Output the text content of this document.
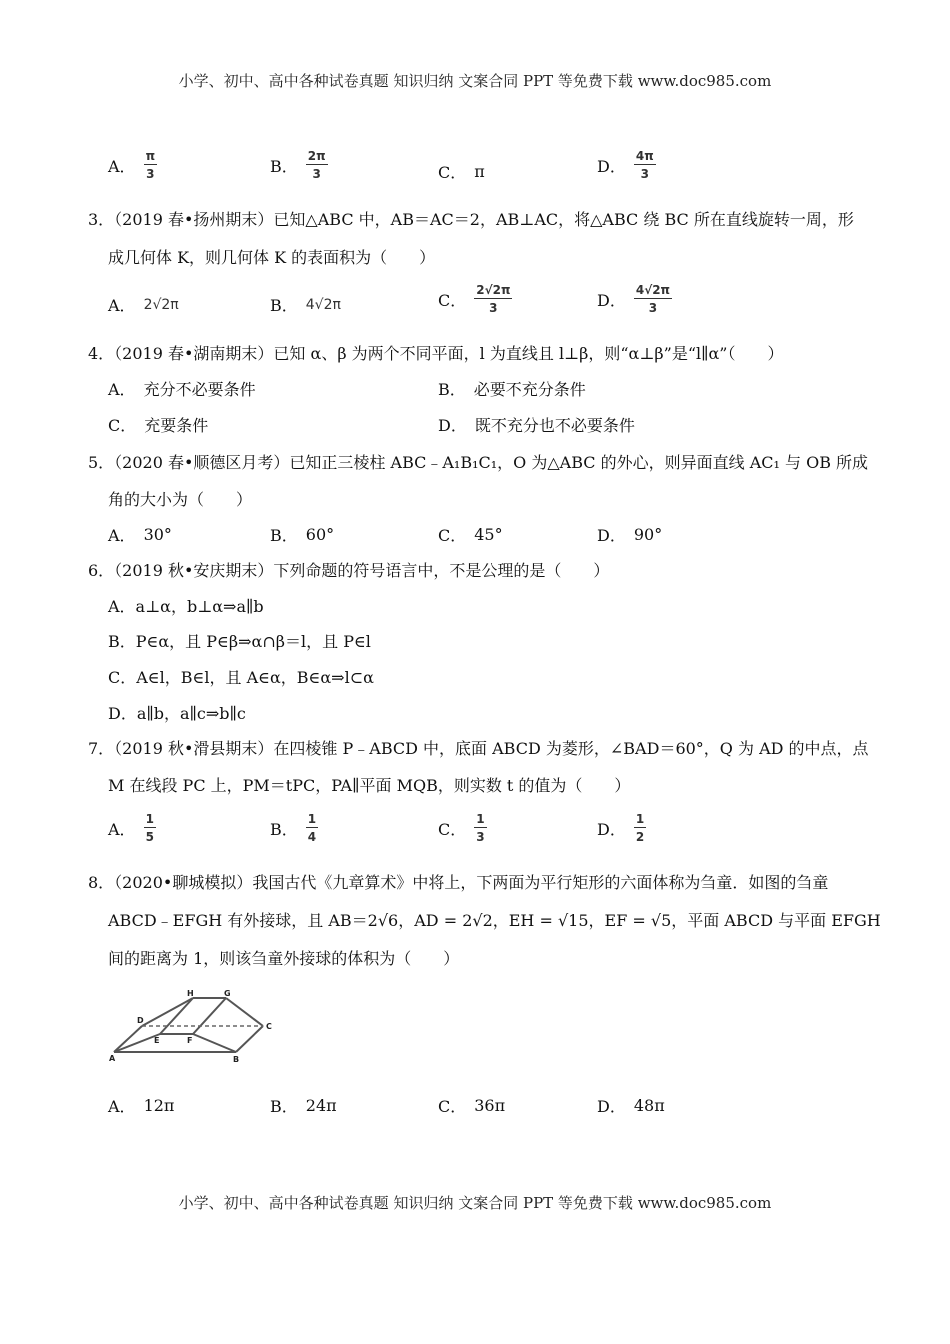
小学、初中、高中各种试卷真题 知识归纳 文案合同 PPT 等免费下载 www.doc985.com
A． $\frac{\pi}{3}$	B． $\frac{2\pi}{3}$	C． π	D． $\frac{4\pi}{3}$
3．（2019 春•扬州期末）已知△ABC 中，AB＝AC＝2，AB⊥AC，将△ABC 绕 BC 所在直线旋转一周，形
成几何体 K，则几何体 K 的表面积为（　　）
A． 2√2π	B． 4√2π	C． $\frac{2√2\pi}{3}$	D． $\frac{4√2\pi}{3}$
4．（2019 春•湖南期末）已知 α、β 为两个不同平面，l 为直线且 l⊥β，则“α⊥β”是“l∥α”（　　）
A． 充分不必要条件	B． 必要不充分条件
C． 充要条件	D． 既不充分也不必要条件
5．（2020 春•顺德区月考）已知正三棱柱 ABC﹣A₁B₁C₁，O 为△ABC 的外心，则异面直线 AC₁ 与 OB 所成
角的大小为（　　）
A． 30°	B． 60°	C． 45°	D． 90°
6．（2019 秋•安庆期末）下列命题的符号语言中，不是公理的是（　　）
A．a⊥α，b⊥α⇒a∥b
B．P∈α，且 P∈β⇒α∩β＝l，且 P∈l
C．A∈l，B∈l，且 A∈α，B∈α⇒l⊂α
D．a∥b，a∥c⇒b∥c
7．（2019 秋•滑县期末）在四棱锥 P﹣ABCD 中，底面 ABCD 为菱形，∠BAD＝60°，Q 为 AD 的中点，点
M 在线段 PC 上，PM＝tPC，PA∥平面 MQB，则实数 t 的值为（　　）
A． $\frac{1}{5}$	B． $\frac{1}{4}$	C． $\frac{1}{3}$	D． $\frac{1}{2}$
8．（2020•聊城模拟）我国古代《九章算术》中将上，下两面为平行矩形的六面体称为刍童．如图的刍童
ABCD﹣EFGH 有外接球，且 AB＝2√6，AD = 2√2，EH = √15，EF = √5，平面 ABCD 与平面 EFGH
间的距离为 1，则该刍童外接球的体积为（　　）
H	G
D
C
E	F
A	B
A． 12π	B． 24π	C． 36π	D． 48π
小学、初中、高中各种试卷真题 知识归纳 文案合同 PPT 等免费下载 www.doc985.com
